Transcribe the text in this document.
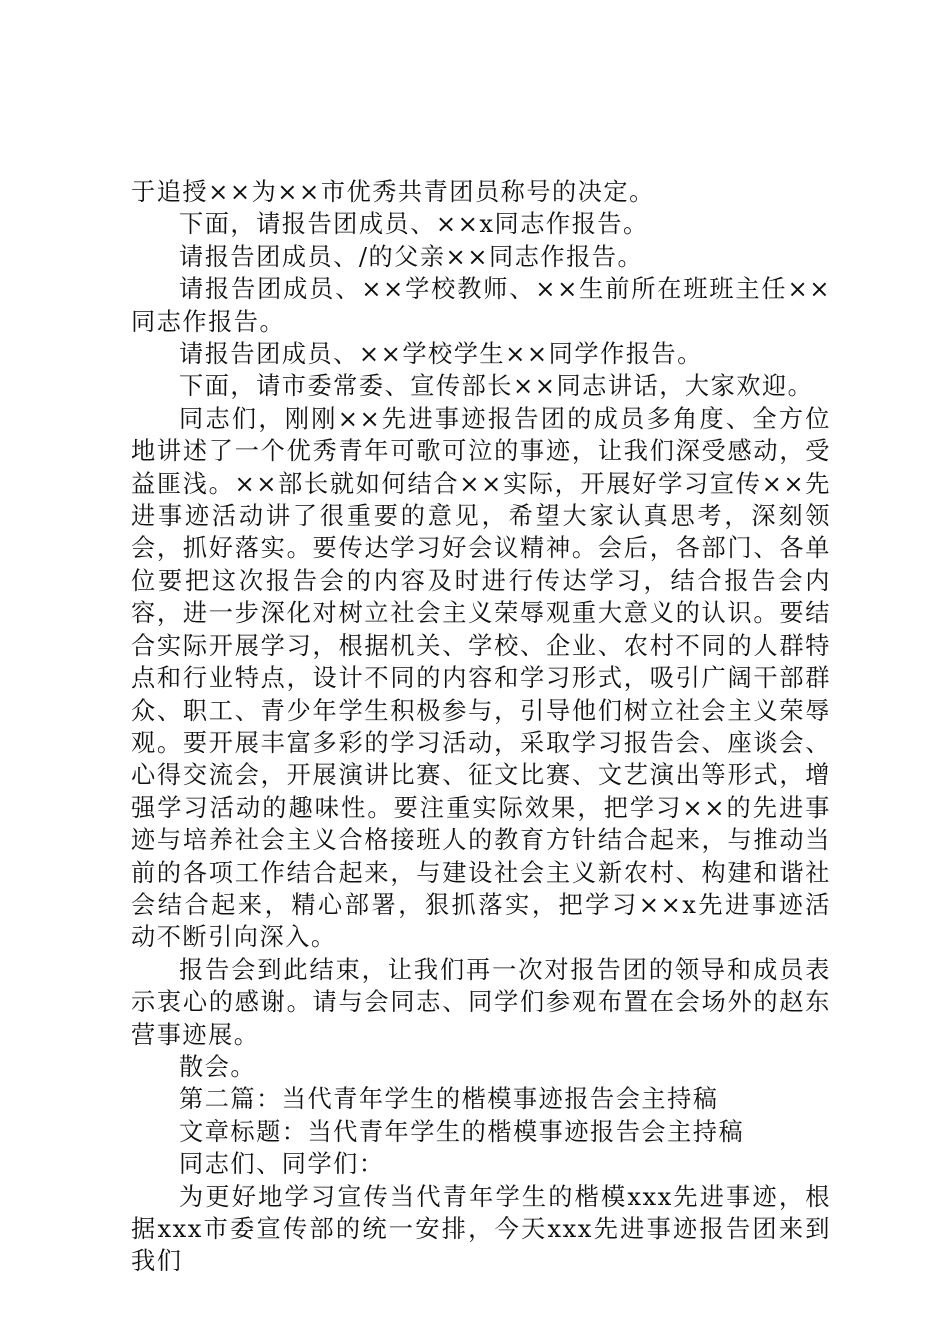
于追授××为××市优秀共青团员称号的决定。

下面，请报告团成员、××x同志作报告。

请报告团成员、/的父亲××同志作报告。

请报告团成员、××学校教师、××生前所在班班主任××同志作报告。

请报告团成员、××学校学生××同学作报告。

下面，请市委常委、宣传部长××同志讲话，大家欢迎。

同志们，刚刚××先进事迹报告团的成员多角度、全方位地讲述了一个优秀青年可歌可泣的事迹，让我们深受感动，受益匪浅。××部长就如何结合××实际，开展好学习宣传××先进事迹活动讲了很重要的意见，希望大家认真思考，深刻领会，抓好落实。要传达学习好会议精神。会后，各部门、各单位要把这次报告会的内容及时进行传达学习，结合报告会内容，进一步深化对树立社会主义荣辱观重大意义的认识。要结合实际开展学习，根据机关、学校、企业、农村不同的人群特点和行业特点，设计不同的内容和学习形式，吸引广阔干部群众、职工、青少年学生积极参与，引导他们树立社会主义荣辱观。要开展丰富多彩的学习活动，采取学习报告会、座谈会、心得交流会，开展演讲比赛、征文比赛、文艺演出等形式，增强学习活动的趣味性。要注重实际效果，把学习××的先进事迹与培养社会主义合格接班人的教育方针结合起来，与推动当前的各项工作结合起来，与建设社会主义新农村、构建和谐社会结合起来，精心部署，狠抓落实，把学习××x先进事迹活动不断引向深入。

报告会到此结束，让我们再一次对报告团的领导和成员表示衷心的感谢。请与会同志、同学们参观布置在会场外的赵东营事迹展。

散会。

第二篇：当代青年学生的楷模事迹报告会主持稿

文章标题：当代青年学生的楷模事迹报告会主持稿

同志们、同学们：

为更好地学习宣传当代青年学生的楷模xxx先进事迹，根据xxx市委宣传部的统一安排，今天xxx先进事迹报告团来到我们
